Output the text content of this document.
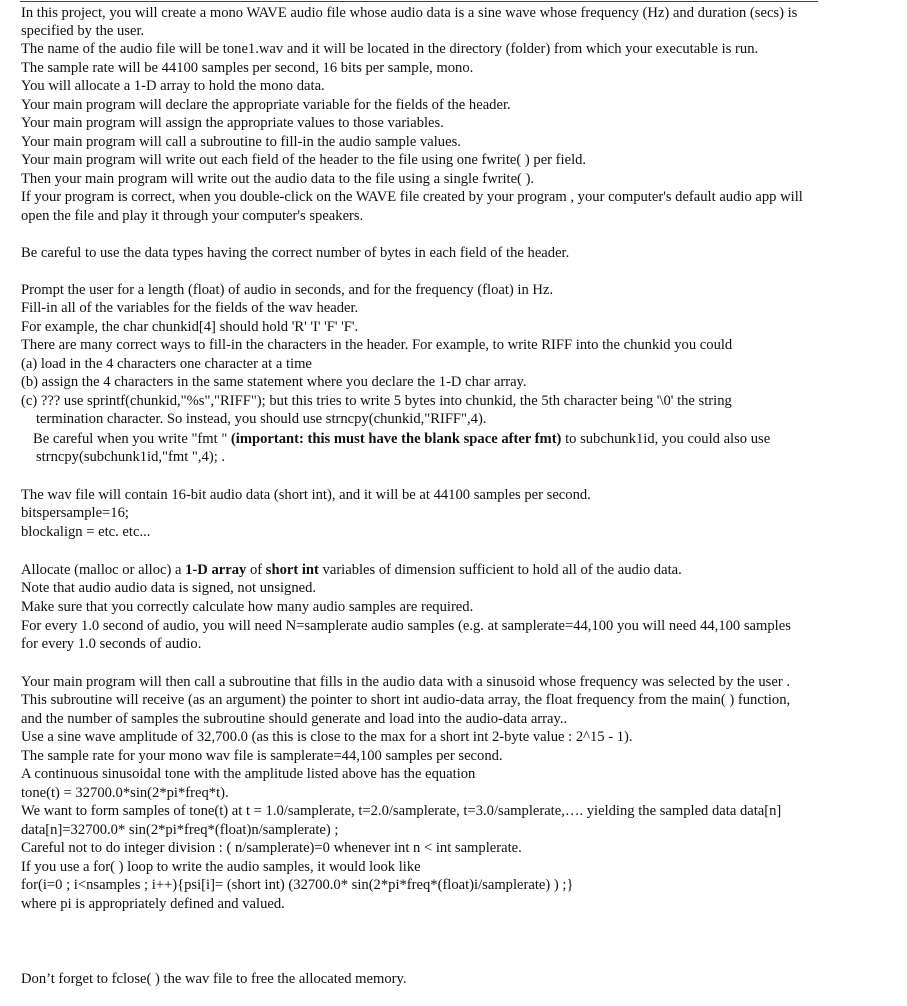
In this project, you will create a mono WAVE audio file whose audio data is a sine wave whose frequency (Hz) and duration (secs) is
specified by the user.
The name of the audio file will be tone1.wav and it will be located in the directory (folder) from which your executable is run.
The sample rate will be 44100 samples per second, 16 bits per sample, mono.
You will allocate a 1-D array to hold the mono data.
Your main program will declare the appropriate variable for the fields of the header.
Your main program will assign the appropriate values to those variables.
Your main program will call a subroutine to fill-in the audio sample values.
Your main program will write out each field of the header to the file using one fwrite( ) per field.
Then your main program will write out the audio data to the file using a single fwrite( ).
If your program is correct, when you double-click on the WAVE file created by your program , your computer's default audio app will
open the file and play it through your computer's speakers.
Be careful to use the data types having the correct number of bytes in each field of the header.
Prompt the user for a length (float) of audio in seconds, and for the frequency (float) in Hz.
Fill-in all of the variables for the fields of the wav header.
For example, the char chunkid[4] should hold 'R' 'I' 'F' 'F'.
There are many correct ways to fill-in the characters in the header. For example, to write RIFF into the chunkid you could
(a) load in the 4 characters one character at a time
(b) assign the 4 characters in the same statement where you declare the 1-D char array.
(c) ??? use sprintf(chunkid,"%s","RIFF"); but this tries to write 5 bytes into chunkid, the 5th character being '\0' the string
termination character. So instead, you should use strncpy(chunkid,"RIFF",4).
Be careful when you write "fmt " (important: this must have the blank space after fmt) to subchunk1id, you could also use
strncpy(subchunk1id,"fmt ",4); .
The wav file will contain 16-bit audio data (short int), and it will be at 44100 samples per second.
bitspersample=16;
blockalign = etc. etc...
Allocate (malloc or alloc) a 1-D array of short int variables of dimension sufficient to hold all of the audio data.
Note that audio audio data is signed, not unsigned.
Make sure that you correctly calculate how many audio samples are required.
For every 1.0 second of audio, you will need N=samplerate audio samples (e.g. at samplerate=44,100 you will need 44,100 samples
for every 1.0 seconds of audio.
Your main program will then call a subroutine that fills in the audio data with a sinusoid whose frequency was selected by the user .
This subroutine will receive (as an argument) the pointer to short int audio-data array, the float frequency from the main( ) function,
and the number of samples the subroutine should generate and load into the audio-data array..
Use a sine wave amplitude of 32,700.0 (as this is close to the max for a short int 2-byte value : 2^15 - 1).
The sample rate for your mono wav file is samplerate=44,100 samples per second.
A continuous sinusoidal tone with the amplitude listed above has the equation
tone(t) = 32700.0*sin(2*pi*freq*t).
We want to form samples of tone(t) at t = 1.0/samplerate, t=2.0/samplerate, t=3.0/samplerate,…. yielding the sampled data data[n]
data[n]=32700.0* sin(2*pi*freq*(float)n/samplerate) ;
Careful not to do integer division : ( n/samplerate)=0 whenever int n < int samplerate.
If you use a for( ) loop to write the audio samples, it would look like
for(i=0 ; i<nsamples ; i++){psi[i]= (short int) (32700.0* sin(2*pi*freq*(float)i/samplerate) ) ;}
where pi is appropriately defined and valued.
Don’t forget to fclose( ) the wav file to free the allocated memory.
